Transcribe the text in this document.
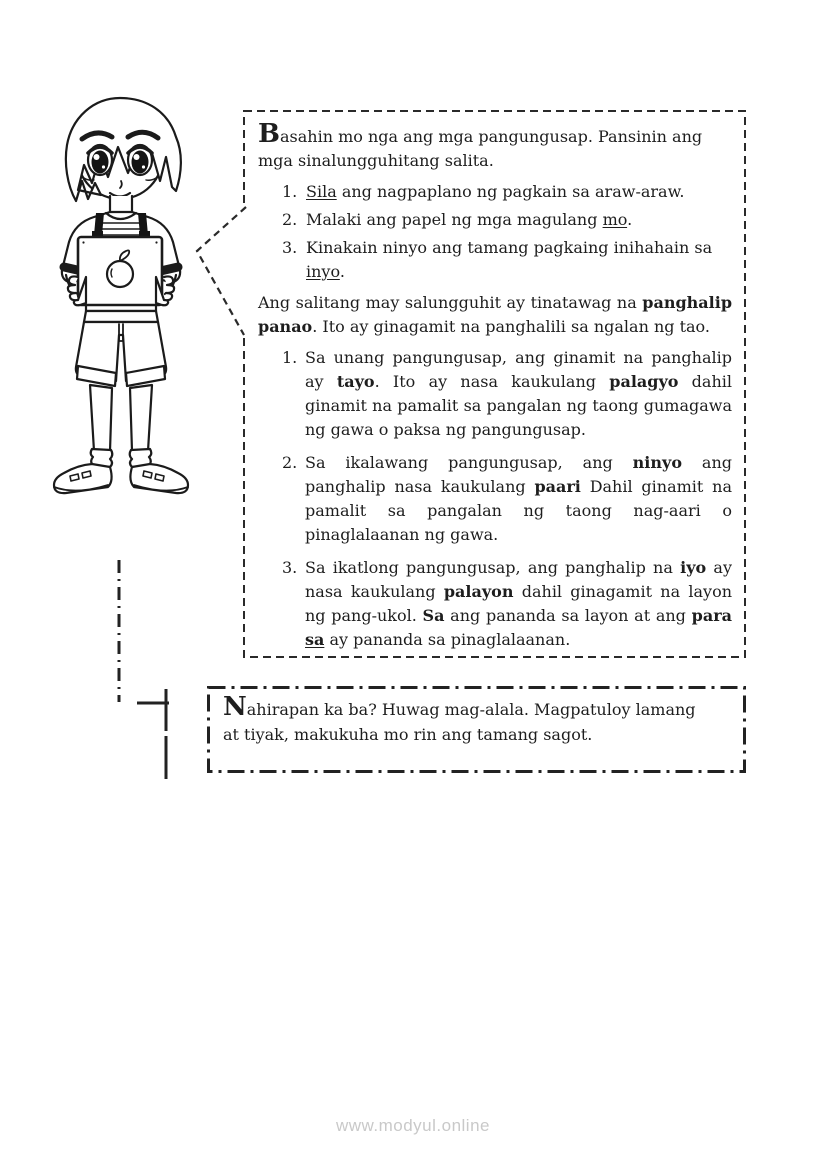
Basahin mo nga ang mga pangungusap. Pansinin ang mga sinalungguhitang salita.

1. Sila ang nagpaplano ng pagkain sa araw-araw.
2. Malaki ang papel ng mga magulang mo.
3. Kinakain ninyo ang tamang pagkaing inihahain sa inyo.

Ang salitang may salungguhit ay tinatawag na panghalip panao. Ito ay ginagamit na panghalili sa ngalan ng tao.

1. Sa unang pangungusap, ang ginamit na panghalip ay tayo. Ito ay nasa kaukulang palagyo dahil ginamit na pamalit sa pangalan ng taong gumagawa ng gawa o paksa ng pangungusap.
2. Sa ikalawang pangungusap, ang ninyo ang panghalip nasa kaukulang paari Dahil ginamit na pamalit sa pangalan ng taong nag-aari o pinaglalaanan ng gawa.
3. Sa ikatlong pangungusap, ang panghalip na iyo ay nasa kaukulang palayon dahil ginagamit na layon ng pang-ukol. Sa ang pananda sa layon at ang para sa ay pananda sa pinaglalaanan.

Nahirapan ka ba? Huwag mag-alala. Magpatuloy lamang at tiyak, makukuha mo rin ang tamang sagot.

www.modyul.online
